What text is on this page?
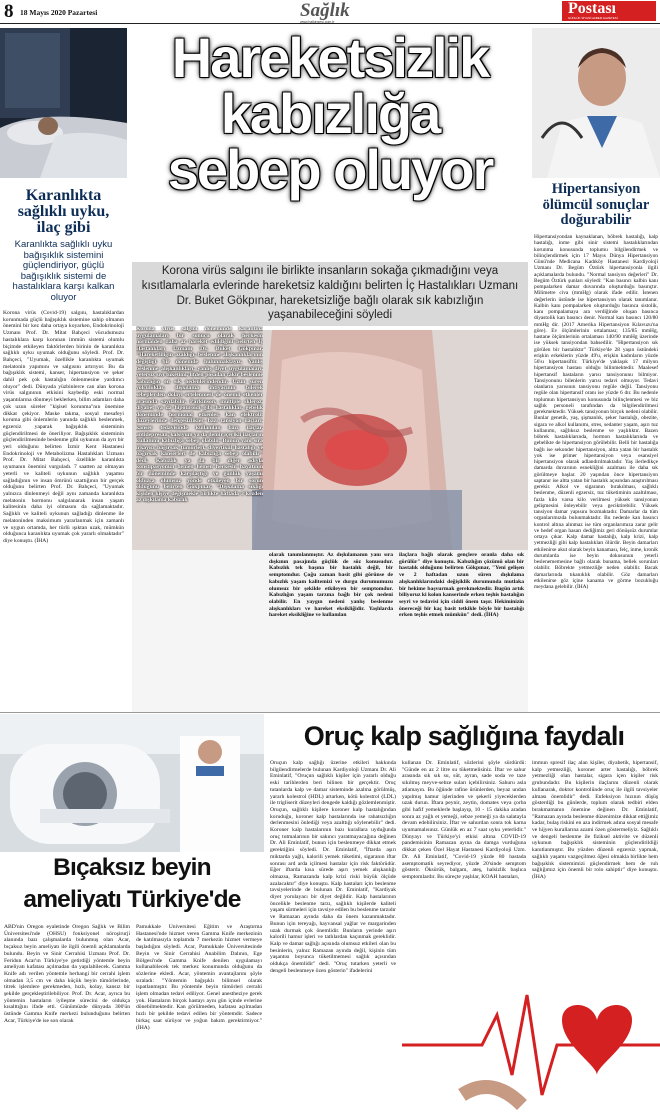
8 18 Mayıs 2020 Pazartesi	Sağlık
www.halkinsesi.com.tr
Postası
GÜNLÜK SİYASİ HABER GAZETESİ
Karanlıkta
sağlıklı uyku,
ilaç gibi
Karanlıkta sağlıklı uyku bağışıklık sistemini güçlendiriyor, güçlü bağışıklık sistemi de hastalıklara karşı kalkan oluyor
Korona virüs (Covid-19) salgını, hastalıklardan korunmada güçlü bağışıklık sistemine sahip olmanın önemini bir kez daha ortaya koyarken, Endokrinoloji Uzmanı Prof. Dr. Mitat Bahçeci vücudumuzu hastalıklara karşı korunan immün sistemi olumlu biçimde etkileyen faktörlerden birinin de karanlıkta sağlıklı uyku uyumak olduğunu söyledi. Prof. Dr. Bahçeci, "Uyumak, özellikle karanlıkta uyumak melatonin yapımını ve salgısını artırıyor. Bu da bağışıklık sistemi, kanser, hipertansiyon ve şeker dahil pek çok hastalığın önlenmesine yardımcı oluyor" dedi. Dünyada yüzbinlerce can alan korona virüs salgınının etkisini kaybedip eski normal yaşantılarına dönmeyi beklerken, bilim adamları daha çok uzun süreler "kişisel korunma"nın önemine dikkat çekiyor. Maske takma, sosyal mesafeyi koruma gibi önlemlerin yanında sağlıklı beslenmek, egzersiz yaparak bağışıklık sisteminin güçlendirilmesi de öneriliyor. Bağışıklık sisteminin güçlendirilmesinde beslenme gibi uykunun da ayrı bir yeri olduğunu belirten İzmir Kent Hastanesi Endokrinoloji ve Metabolizma Hastalıkları Uzmanı Prof. Dr. Mitat Bahçeci, özellikle karanlıkta uyumanın önemini vurguladı. 7 saatten az olmayan yeterli ve kaliteli uykunun sağlıklı yaşamsı sağladığının ve insan ömrünü uzattığının bir gerçek olduğunu belirten Prof. Dr. Bahçeci, "Uyumak yalnızca dinlenmeyi değil aynı zamanda karanlıkta melatonin hormonu salgılanarak insan yaşam kalitesinin daha iyi olmasını da sağlamaktadır. Sağlıklı ve kaliteli uykunun sağladığı dinlenme ile melatoninden maksimum yararlanmak için zamanlı ve uygun ortamda, her türlü ışıktan uzak, mümkün olduğunca karanlıkta uyumak çok yararlı olmaktadır" diye konuştu. (İHA)
Hareketsizlik
kabızlığa
sebep oluyor
Korona virüs salgını ile birlikte insanların sokağa çıkmadığını veya kısıtlamalarla evlerinde hareketsiz kaldığını belirten İç Hastalıkları Uzmanı Dr. Buket Gökpınar, hareketsizliğe bağlı olarak sık kabızlığın yaşanabileceğini söyledi
Korona virüs salgını döneminde karantina uygulamaları bir sonucu olarak herkesin normalden daha az hareket edildiğini belirten İç Hastalıkları Uzmanı Dr. Buket Gökpınar, "Hareketliliğin azaldığı, beslenme alışkanlıklarının değiştiği bir dönemde bulunmaktayız. Yanlış beslenme alışkanlıkları, yanlış diyet uygulamaları, yetersiz sıvı tüketimi, lifden posadan fakir beslenme kabızlığın en sık nedenlerindendir. Uzun süren yolculuklar, dışkılama ihtiyacının bilerek sebeplerden dolayı ertelenmesi de önemli etkenler arasında sayılabilir. Parkinson, multiple skleroz, diyabet ya da hipotiroidi gibi hastalıklar, gebelik döneminde hormonal etkenler, kan elektrolit düzeylerinde dengesizlikler, bazı tansiyon ilaçları, kanser tedavisinde kullanılan bazı ilaçlar, antidepresan, kalsiyum ya da demir içerikli ilaçların kullanımı kabızlığa sebep olabilir. Bunun yanı sıra irkayıcı bağırsak tümörleri, divertikül hastalığı ve bağırsak kanserleri de kabızlığa sebep olabilir" dedi. Kabızlık ya da bir diğer adıyla konstipasyonun hemen hemen herkesin hayatının bir döneminde karşılaştığı ve günlük yaşamı olduzca olumsuz yönde etkileyen bir sorun olduğunu belirten Gökpınar, "Dışkılama sıklığı kişiden kişiye değişmekle birlikte haftada 3 kezden az dışkılama kabızlık
olarak tanımlanmıştır. Az dışkılamanın yanı sıra dışkının pasajında güçlük de söz konusudur. Kabızlık tek başına bir hastalık değil, bir semptomdur. Çoğu zaman basit gibi görünse de kabızlık yaşam kalitemizi ve durgu durumumuzu olumsuz bir şekilde etkileyen bir semptomdur. Kabızlığın yaşam tarzına bağlı bir çok nedeni olabilir. En yaygın nedeni yanlış beslenme alışkanlıkları ve hareket eksikliğidir. Yaşlılarda hareket eksikliğine ve kullanılan
ilaçlara bağlı olarak gençlere oranla daha sık görülür" diye konuştu. Kabızlığın çözümü olan bir hastalık olduğunu belirten Gökpınar, "Yeni gelişen ve 2 haftadan uzun süren dışkılama alışkanlıklarındaki değişiklik durumunda mutlaka bir hekime başvurmak gerekmektedir. Bugün artık biliyoruz ki kolon kanserinde erken teşhis hastalığın seyri ve tedavisi için ciddi önem taşır. Hekiminizin önereceği bir kaç basit tetkikle böyle bir hastalığı erken teşhis etmek mümkün" dedi. (İHA)
Hipertansiyon
ölümcül sonuçlar
doğurabilir
Hipertansiyondan kaynaklanan, böbrek hastalığı, kalp hastalığı, inme gibi sinir sistemi hastalıklarından korunma konusunda toplumu bilgilendirmek ve bilinçlendirmek için 17 Mayıs Dünya Hipertansiyon Günü'nde Medicana Kadıköy Hastanesi Kardiyoloji Uzmanı Dr. Begüm Öztürk hipertansiyonla ilgili açıklamalarda bulundu. "Normal tansiyon değerleri" Dr. Begüm Öztürk şunları söyledi: "Kan basıncı kalbin kanı pompalarken damar duvarında oluşturduğu basınçtır. Milimetre civa (mmHg) olarak ifade edilir. İstenen değerlerin üstünde ise hipertansiyon olarak tanımlanır. Kalbin kanı pompalarken oluşturduğu basınca sistolik, kanı pompalamaya ara verdiğinde oluşan basınca diyastolik kan basıncı denir. Normal kan basıncı 120/80 mmHg dir. (2017 Amerika Hipertansiyon Kılavuzu'na göre). Ev ölçümlerinin ortalaması; 135/85 mmHg, hastane ölçümlerinin ortalaması 140/90 mmHg üzerinde ise yüksek tansiyondan bahsedilir. "Hipertansiyon sık görülen bir hastalıktır" Türkiye'de 28 yaşın üstündeki erişkin erkeklerin yüzde 49'u, erişkin kadınların yüzde 56'sı hipertansiftir. Türkiye'de yaklaşık 17 milyon hipertansiyon hastası olduğu bilinmektedir. Maalesef hipertansif hastaların yarısı tansiyonunu bilmiyor. Tansiyonunu bilenlerin yarısı tedavi olmuyor. Tedavi olanların yarısının tansiyonu regüle değil. Tansiyonu regüle olan hipertansif oranı ise yüzde 6 dır. Bu nedenle toplumun hipertansiyon konusunda bilinçlenmesi ve biz sağlık personeli tarafından da bilgilendirilmesi gerekmektedir. Yüksek tansiyonun birçok nedeni olabilir. Bunlar genetik, yaş, şişmanlık, şeker hastalığı, obezite, sigara ve alkol kullanımı, stres, sedanter yaşam, aşırı tuz kullanımı, sağlıksız beslenme ve yaşlılıktır. Bazen böbrek hastalıklarında, hormon hastalıklarında ve gebelikte de hipertansiyon görülebilir. Belli bir hastalığa bağlı ise sekonder hipertansiyon, altta yatan bir hastalık yok ise primer hipertansiyon veya esansiyel hipertansiyon olarak adlandırılmaktadır. Yaş ilerledikçe damarda duvarının esnekliğini azalması ile daha sık görülmeye başlar. 20 yaşından önce hipertansiyon saptanır ise altta yatan bir hastalık açısından araştırılması gerekir. Alkol ve sigaranın bırakılması, sağlıklı beslenme, düzenli egzersiz, tuz tüketiminin azaltılması, fazla kilo varsa kilo verilmesi yüksek tansiyonun gelişmesini önleyebilir veya geciktirebilir. Yüksek tansiyon damar yapısını bozmaktadır. Damarlar da tüm organlarımızda bulunmaktadır. Bu nedenle kan basıncı kontrol altına alınmaz ise tüm organlarımıza zarar gelir ve hedef organ hasarı dediğimiz geri dönüşsüz durumlar ortaya çıkar. Kalp damar hastalığı, kalp krizi, kalp yetmezliği gibi kalp hastalıkları ölürdir. Beyin damarları etkilenirse akut olarak beyin kanaması, felç, inme, kronik durumlarda ise beyin dokusunun yeterli beslenememesine bağlı olarak bunama, bellek sorunları olabilir. Böbrekte yetmezliğe neden olabilir. Bacak damarlarında tıkanıklık olabilir. Göz damarları etkilenirse göz içine kanama ve görme bozukluğu meydana gelebilir. (İHA)
Bıçaksız beyin
ameliyatı Türkiye'de
ABD'nin Oregon eyaletinde Oregon Sağlık ve Bilim Üniversitesi'nde (OHSU) fonksiyonel nöroşirurji alanında bazı çalışmalarda bulunmuş olan Acar, bıçaksız beyin ameliyatı ile ilgili önemli açıklamalarda bulundu. Beyin ve Sinir Cerrahisi Uzmanı Prof. Dr. Feridun Acar'ın Türkiye'ye getirdiği yöntemle beyin ameliyatı kafatası açılmadan da yapılabilecek. Gamma Knife adı verilen yöntemle herhangi bir cerrahi işlem olmadan 3,5 cm ve daha küçük beyin tümörlerinde, titrek işlemlere gerekmeden, hızlı, kolay, kansız bir şekilde gerçekleştirilebiliyor. Prof. Dr. Acar, ayrıca bu yöntemin hastaların iyileşme sürecini de oldukça kısalttığını ifade etti. Günümüzde dünyada 300'ün üstünde Gamma Knife merkezi bulunduğunu belirten Acar, Türkiye'de ise son olarak
Pamukkale Üniversitesi Eğitim ve Araştırma Hastanesi'nde hizmet veren Gamma Knife merkezinin de katılmasıyla toplamda 7 merkezin hizmet vermeye başladığını söyledi. Acar, Pamukkale Üniversitesinde Beyin ve Sinir Cerrahisi Anabilim Dalının, Ege Bölgesi'nde Gamma Knife denilen uygulamayı kullanabilecek tek merkez konumunda olduğunu da sözlerine ekledi. Acar, yöntemin avantajlarını şöyle sıraladı: "Yöntemin bağışıklı bilimsel olarak ispatlanmıştır. Bu yöntemle beyin tümörleri cerrahi işlem olmadan tedavi ediliyor. Genel anestheziye gerek yok. Hastaların birçok hastayı aynı gün içinde evlerine dönebilmektedir. Kan görülmeden, kafatası açılmadan hızlı bir şekilde tedavi edilen bir yöntemdir. Sadece birkaç saat sürüyor ve yoğun bakım gerektirmiyor." (İHA)
Oruç kalp sağlığına faydalı
Oruçun kalp sağlığı üzerine etkileri hakkında bilgilendirmelerde bulunan Kardiyoloji Uzmanı Dr. Ali Eminlatif, "Oruçun sağlıklı kişiler için yararlı olduğu eski tarihlerden beri bilinen bir gerçektir. Oruç tutanlarda kalp ve damar sisteminde azalma görülmüş, yararlı kolestrol (HDL) artarken, kötü kolestrol (LDL) ile trigliserit düzeyleri dengede kaldığı gözlemlenmiştir. Oruçun, sağlıklı kişilere koroner kalp hastalığından koruduğu, koroner kalp hastalarında ise rahatsızlığın derlenmesini önlediği veya azalttığı söylenebilir" dedi. Koroner kalp hastalarının bazı kurallara uyduğunda oruç tutmalarının bir sakıncı yaratmayacağına değinen Dr. Ali Eminlatif, bunun için beslenmeye dikkat etmek gerektiğini söyledi. Dr. Eminlatif, "İftarda aşırı miktarda yağlı, kalorili yemek tüketimi, sigaranın iftar sonrası ard arda içilmesi hastalar için risk faktörüdür. Eğer iftarda kısa sürede aşırı yemek alışkanlığı olmazsa, Ramazanda kalp krizi riski büyük ölçüde azalacaktır" diye konuştu. Kalp hastaları için beslenme tavsiyelerinde de bulunan Dr. Eminlatif, "Kardiyak diyet yorulayacı bir diyet değildir. Kalp hastalarının öncelikle beslenme tarzı, sağlıklı kişilerde kaliteli yaşam sürmeleri için tavsiye edilen bu beslenme tarzıdır ve Ramazan ayında daha da önem kazanmaktadır. Bunun için tereyağı, hayvansal yağlar ve margarinden uzak durmak çok önemlidir. Bunların yerinde aşırı kalorili hamur işleri ve tatlılardan kaçınmak gereklidir. Kalp ve damar sağlığı açısında olumsuz etkileri olan bu besinlerin, yalnız Ramazan ayında değil, kişinin tüm yaşantısı boyunca tüketilmemesi sağlık açısından oldukça önemlidir" dedi. "Oruç tutarken yeterli ve dengeli beslenmeye özen gösterin" ifadelerini
kullanan Dr. Eminlatif, sözlerini şöyle sürdürdü: "Günde en az 2 litre su tüketmelisiniz. İftar ve sahur arasında sık sık su, süt, ayran, sade soda ve taze sıkılmış meyve-sebze suları içebilirsiniz. Sahuru asla atlamayın. Bu öğünde rafine ürünlerden, beyaz undan yapılmış hamur işlerinden ve şekerli yiyeceklerden uzak durun. İftara peynir, zeytin, domates veya çorba gibi hafif yemeklerle başlayıp, 10 - 15 dakika aradan sonra az yağlı et yemeği, sebze yemeği ya da salatayla devam edebilirsiniz. İftar ve sahurdan sonra tok karna uyumamalısınız. Günlük en az 7 saat uyku yeterlidir." Dünyayı ve Türkiye'yi etkisi altına COVID-19 pandemisinin Ramazan ayına da damga vurduğuna dikkat çeken Özel Hayat Hastanesi Kardiyoloji Uzm. Dr. Ali Eminlatif, "Covid-19 yüzde 80 hastada asemptomatik seyrediyor, yüzde 20'sinde semptom gösterir. Öksürük, balgam, ateş, halsizlik başlıca semptomlardır. Bu süreçte yaşlılar, KOAH hastaları,
immun spresif ilaç alan kişiler, diyabetik, hipertansif, kalp yetmezliği, koroner arter hastalığı, böbrek yetmezliği olan hastalar, sigara içen kişiler risk grubundadır. Bu kişilerin ilaçlarını düzenli olarak kullanarak, doktor kontrolünde oruç ile ilgili tavsiyeler alması önemlidir" dedi. Enfeksiyon hızının düşüş gösterdiği bu günlerde, toplum olarak tedbiri elden bırakmamanın önemine değinen Dr. Eminlatif, "Ramazan ayında beslenme düzenimize dikkat ettiğimiz kadar, bulaş riskini en aza indirmek adına sosyal mesafe ve hijyen kurallarına azami özen göstermeliyiz. Sağlıklı ve dengeli beslenme ile fiziksel aktivite ve düzenli uykunun bağışıklık sisteminin güçlendirildiği kanıtlanmıştır. Bu yüzden düzenli egzersiz yapmak, sağlıklı yaşamı vazgeçilmez öğesi olmakla birlikte hem bağışıklık sistemimizi güçlendirmek hem de ruh sağlığımız için önemli bir rolo sahiptir" diye konuştu. (İHA)
